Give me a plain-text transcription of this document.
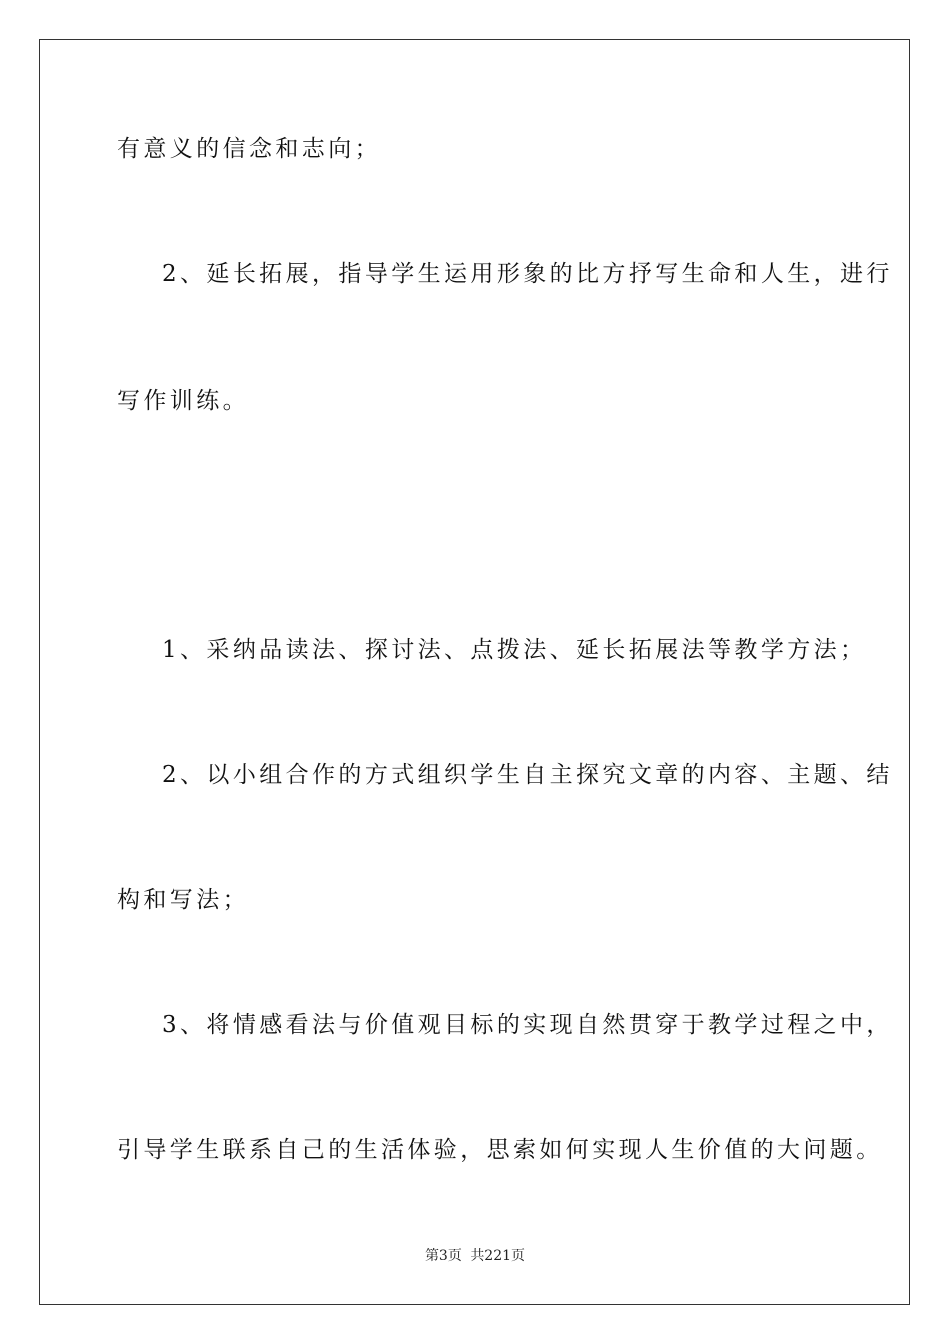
有意义的信念和志向；
2、延长拓展，指导学生运用形象的比方抒写生命和人生，进行
写作训练。
1、采纳品读法、探讨法、点拨法、延长拓展法等教学方法；
2、以小组合作的方式组织学生自主探究文章的内容、主题、结
构和写法；
3、将情感看法与价值观目标的实现自然贯穿于教学过程之中，
引导学生联系自己的生活体验，思索如何实现人生价值的大问题。
第3页 共221页
